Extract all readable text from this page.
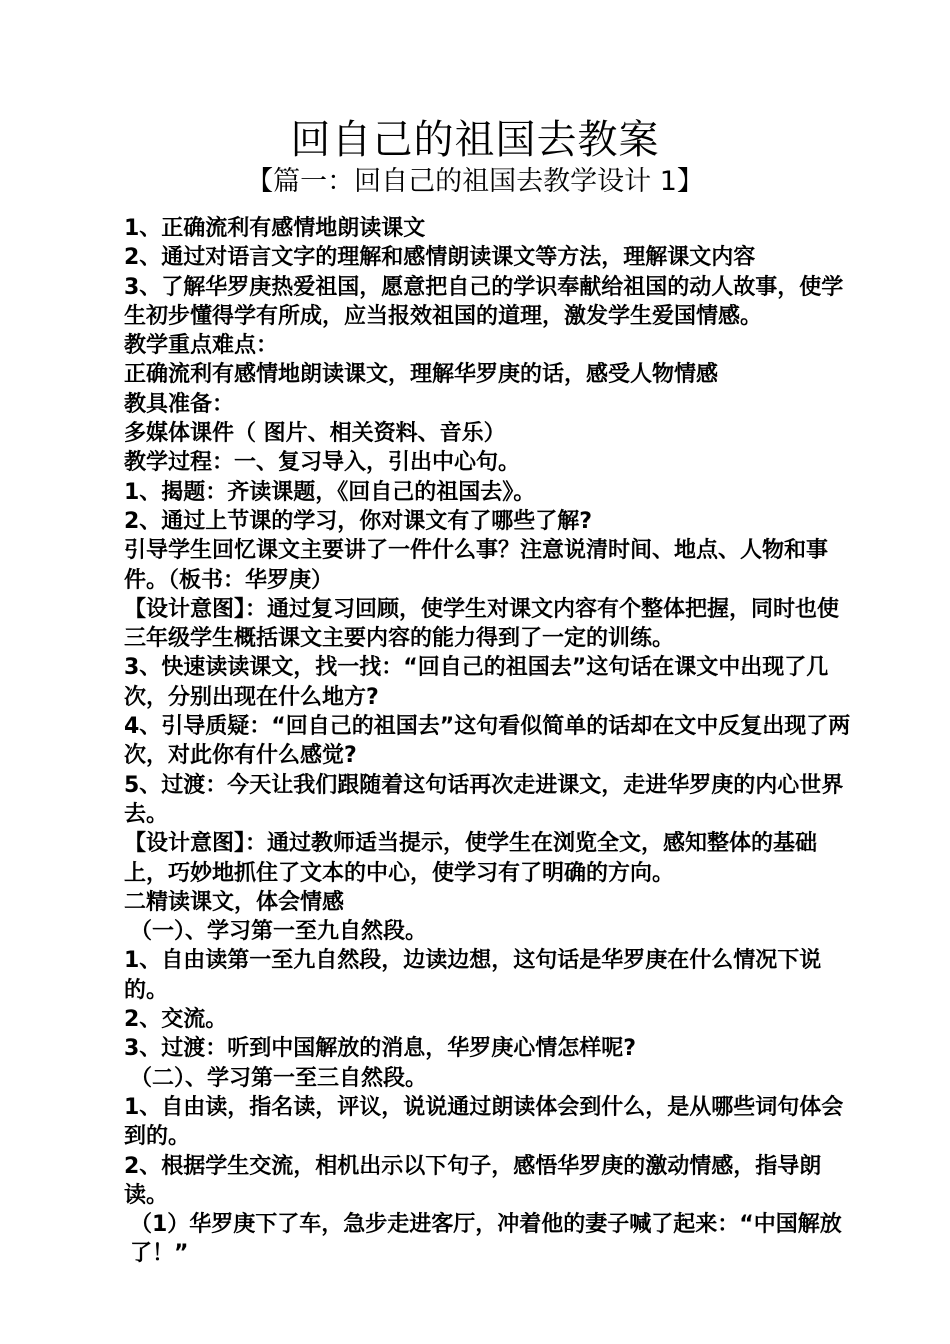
回自己的祖国去教案
【篇一：回自己的祖国去教学设计 1】

1、正确流利有感情地朗读课文

2、通过对语言文字的理解和感情朗读课文等方法，理解课文内容

3、了解华罗庚热爱祖国，愿意把自己的学识奉献给祖国的动人故事，使学生初步懂得学有所成，应当报效祖国的道理，激发学生爱国情感。

教学重点难点：

正确流利有感情地朗读课文，理解华罗庚的话，感受人物情感

教具准备：

多媒体课件（ 图片、相关资料、音乐）

教学过程：一、复习导入，引出中心句。

1、揭题：齐读课题，《回自己的祖国去》。

2、通过上节课的学习，你对课文有了哪些了解?

引导学生回忆课文主要讲了一件什么事？注意说清时间、地点、人物和事件。（板书：华罗庚）

【设计意图】：通过复习回顾，使学生对课文内容有个整体把握，同时也使三年级学生概括课文主要内容的能力得到了一定的训练。

3、快速读读课文，找一找：“回自己的祖国去”这句话在课文中出现了几次，分别出现在什么地方?

4、引导质疑：“回自己的祖国去”这句看似简单的话却在文中反复出现了两次，对此你有什么感觉?

5、过渡：今天让我们跟随着这句话再次走进课文，走进华罗庚的内心世界去。

【设计意图】：通过教师适当提示，使学生在浏览全文，感知整体的基础上，巧妙地抓住了文本的中心，使学习有了明确的方向。

二精读课文，体会情感

（一）、学习第一至九自然段。

1、自由读第一至九自然段，边读边想，这句话是华罗庚在什么情况下说的。

2、交流。

3、过渡：听到中国解放的消息，华罗庚心情怎样呢?

（二）、学习第一至三自然段。

1、自由读，指名读，评议，说说通过朗读体会到什么，是从哪些词句体会到的。

2、根据学生交流，相机出示以下句子，感悟华罗庚的激动情感，指导朗读。

（1）华罗庚下了车，急步走进客厅，冲着他的妻子喊了起来：“中国解放了！”
